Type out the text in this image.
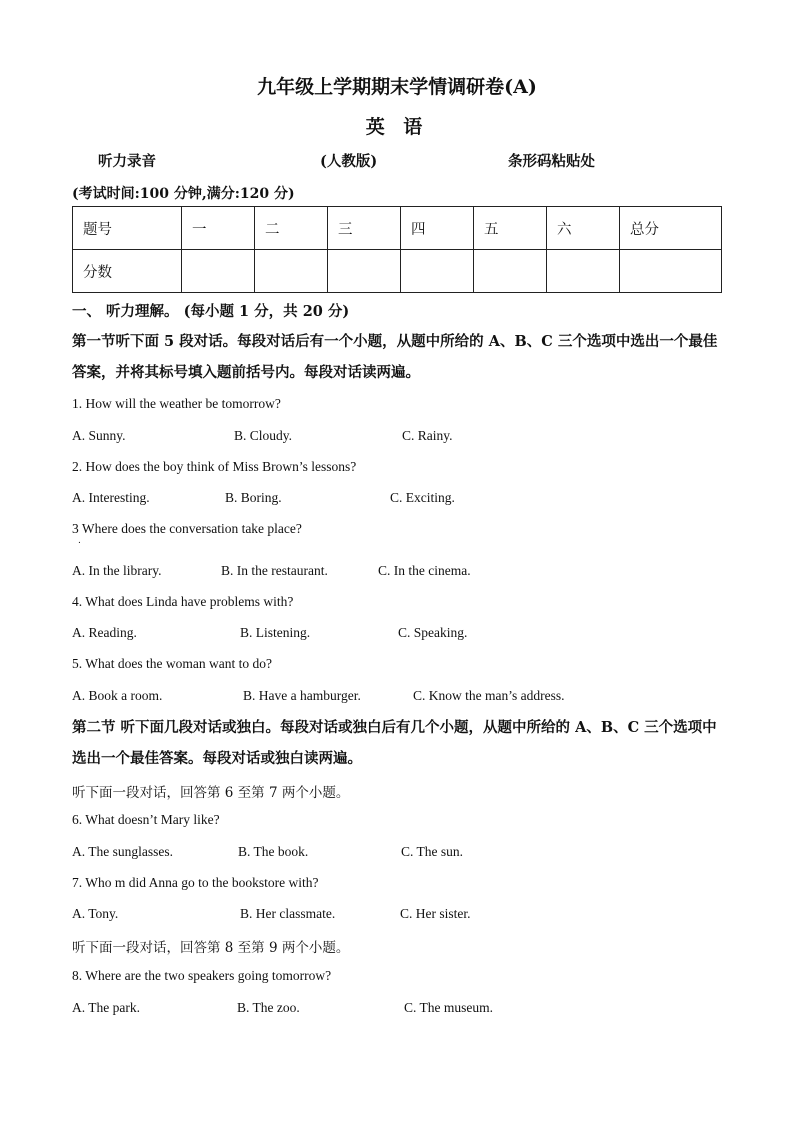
九年级上学期期末学情调研卷(A)
英 语
听力录音	(人教版)	条形码粘贴处
(考试时间:100 分钟,满分:120 分)
题号	一	二	三	四	五	六	总分
分数							
一、 听力理解。 (每小题 1 分，共 20 分)
第一节听下面 5 段对话。每段对话后有一个小题，从题中所给的 A、B、C 三个选项中选出一个最佳答案，并将其标号填入题前括号内。每段对话读两遍。
1. How will the weather be tomorrow?
A. Sunny.	B. Cloudy.	C. Rainy.
2. How does the boy think of Miss Brown’s lessons?
A. Interesting.	B. Boring.	C. Exciting.
3 Where does the conversation take place?
.
A. In the library.	B. In the restaurant.	C. In the cinema.
4. What does Linda have problems with?
A. Reading.	B. Listening.	C. Speaking.
5. What does the woman want to do?
A. Book a room.	B. Have a hamburger.	C. Know the man’s address.
第二节 听下面几段对话或独白。每段对话或独白后有几个小题，从题中所给的 A、B、C 三个选项中选出一个最佳答案。每段对话或独白读两遍。
听下面一段对话，回答第 6 至第 7 两个小题。
6. What doesn’t Mary like?
A. The sunglasses.	B. The book.	C. The sun.
7. Who m did Anna go to the bookstore with?
A. Tony.	B. Her classmate.	C. Her sister.
听下面一段对话，回答第 8 至第 9 两个小题。
8. Where are the two speakers going tomorrow?
A. The park.	B. The zoo.	C. The museum.
